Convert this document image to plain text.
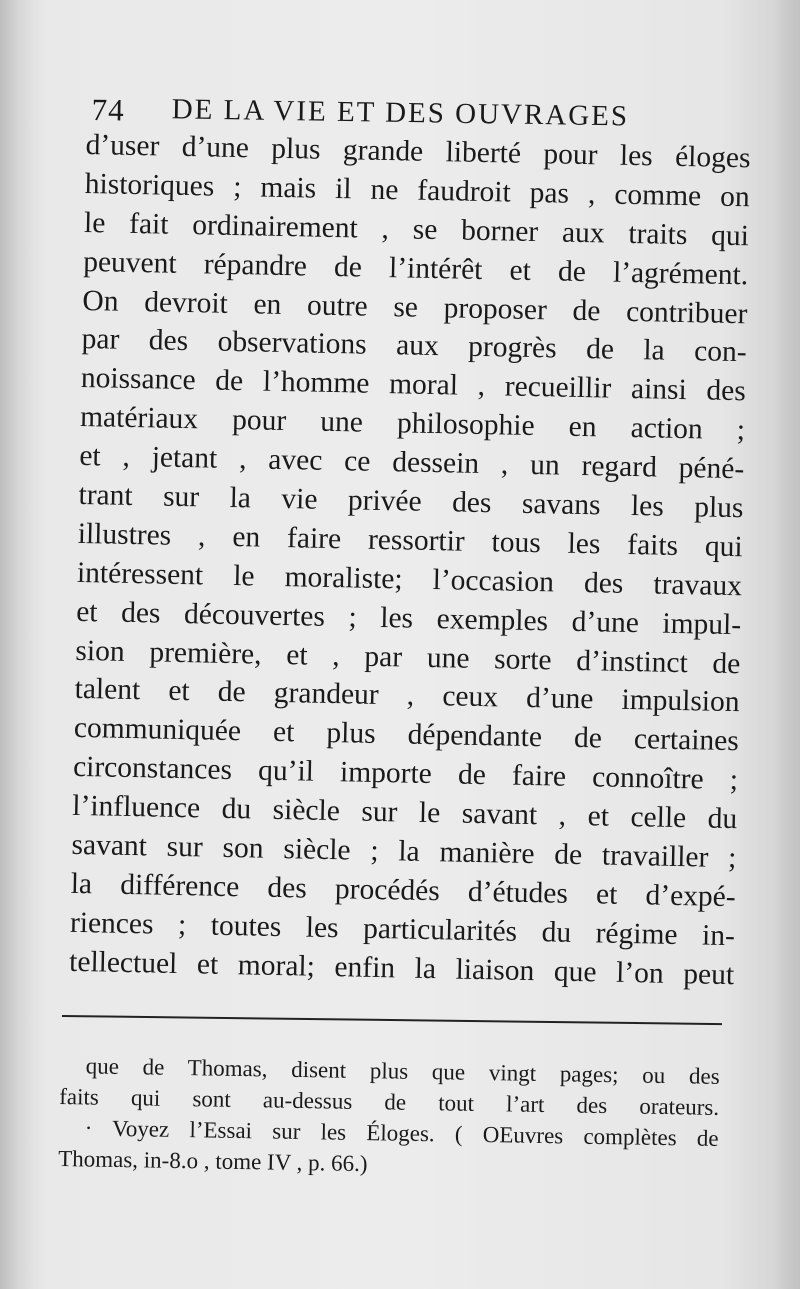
74 DE LA VIE ET DES OUVRAGES
d’user d’une plus grande liberté pour les éloges
historiques ; mais il ne faudroit pas , comme on
le fait ordinairement , se borner aux traits qui
peuvent répandre de l’intérêt et de l’agrément.
On devroit en outre se proposer de contribuer
par des observations aux progrès de la con-
noissance de l’homme moral , recueillir ainsi des
matériaux pour une philosophie en action ;
et , jetant , avec ce dessein , un regard péné-
trant sur la vie privée des savans les plus
illustres , en faire ressortir tous les faits qui
intéressent le moraliste; l’occasion des travaux
et des découvertes ; les exemples d’une impul-
sion première, et , par une sorte d’instinct de
talent et de grandeur , ceux d’une impulsion
communiquée et plus dépendante de certaines
circonstances qu’il importe de faire connoître ;
l’influence du siècle sur le savant , et celle du
savant sur son siècle ; la manière de travailler ;
la différence des procédés d’études et d’expé-
riences ; toutes les particularités du régime in-
tellectuel et moral; enfin la liaison que l’on peut
que de Thomas, disent plus que vingt pages; ou des
faits qui sont au-dessus de tout l’art des orateurs.
· Voyez l’Essai sur les Éloges. ( OEuvres complètes de
Thomas, in-8.o , tome IV , p. 66.)
